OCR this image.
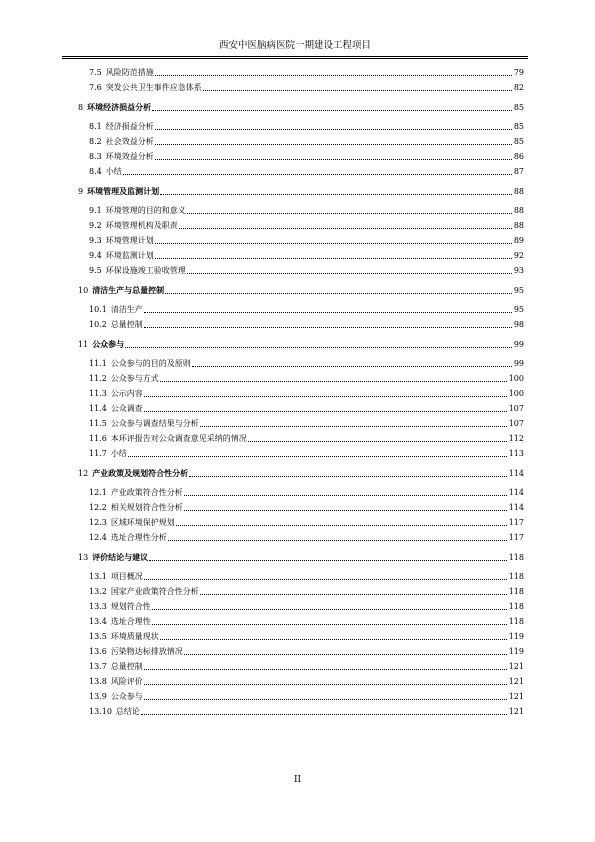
西安中医脑病医院一期建设工程项目
7.5 风险防范措施	79
7.6 突发公共卫生事件应急体系	82
8 环境经济损益分析	85
8.1 经济损益分析	85
8.2 社会效益分析	85
8.3 环境效益分析	86
8.4 小结	87
9 环境管理及监测计划	88
9.1 环境管理的目的和意义	88
9.2 环境管理机构及职责	88
9.3 环境管理计划	89
9.4 环境监测计划	92
9.5 环保设施竣工验收管理	93
10 清洁生产与总量控制	95
10.1 清洁生产	95
10.2 总量控制	98
11 公众参与	99
11.1 公众参与的目的及原则	99
11.2 公众参与方式	100
11.3 公示内容	100
11.4 公众调查	107
11.5 公众参与调查结果与分析	107
11.6 本环评报告对公众调查意见采纳的情况	112
11.7 小结	113
12 产业政策及规划符合性分析	114
12.1 产业政策符合性分析	114
12.2 相关规划符合性分析	114
12.3 区域环境保护规划	117
12.4 选址合理性分析	117
13 评价结论与建议	118
13.1 项目概况	118
13.2 国家产业政策符合性分析	118
13.3 规划符合性	118
13.4 选址合理性	118
13.5 环境质量现状	119
13.6 污染物达标排放情况	119
13.7 总量控制	121
13.8 风险评价	121
13.9 公众参与	121
13.10 总结论	121
II
